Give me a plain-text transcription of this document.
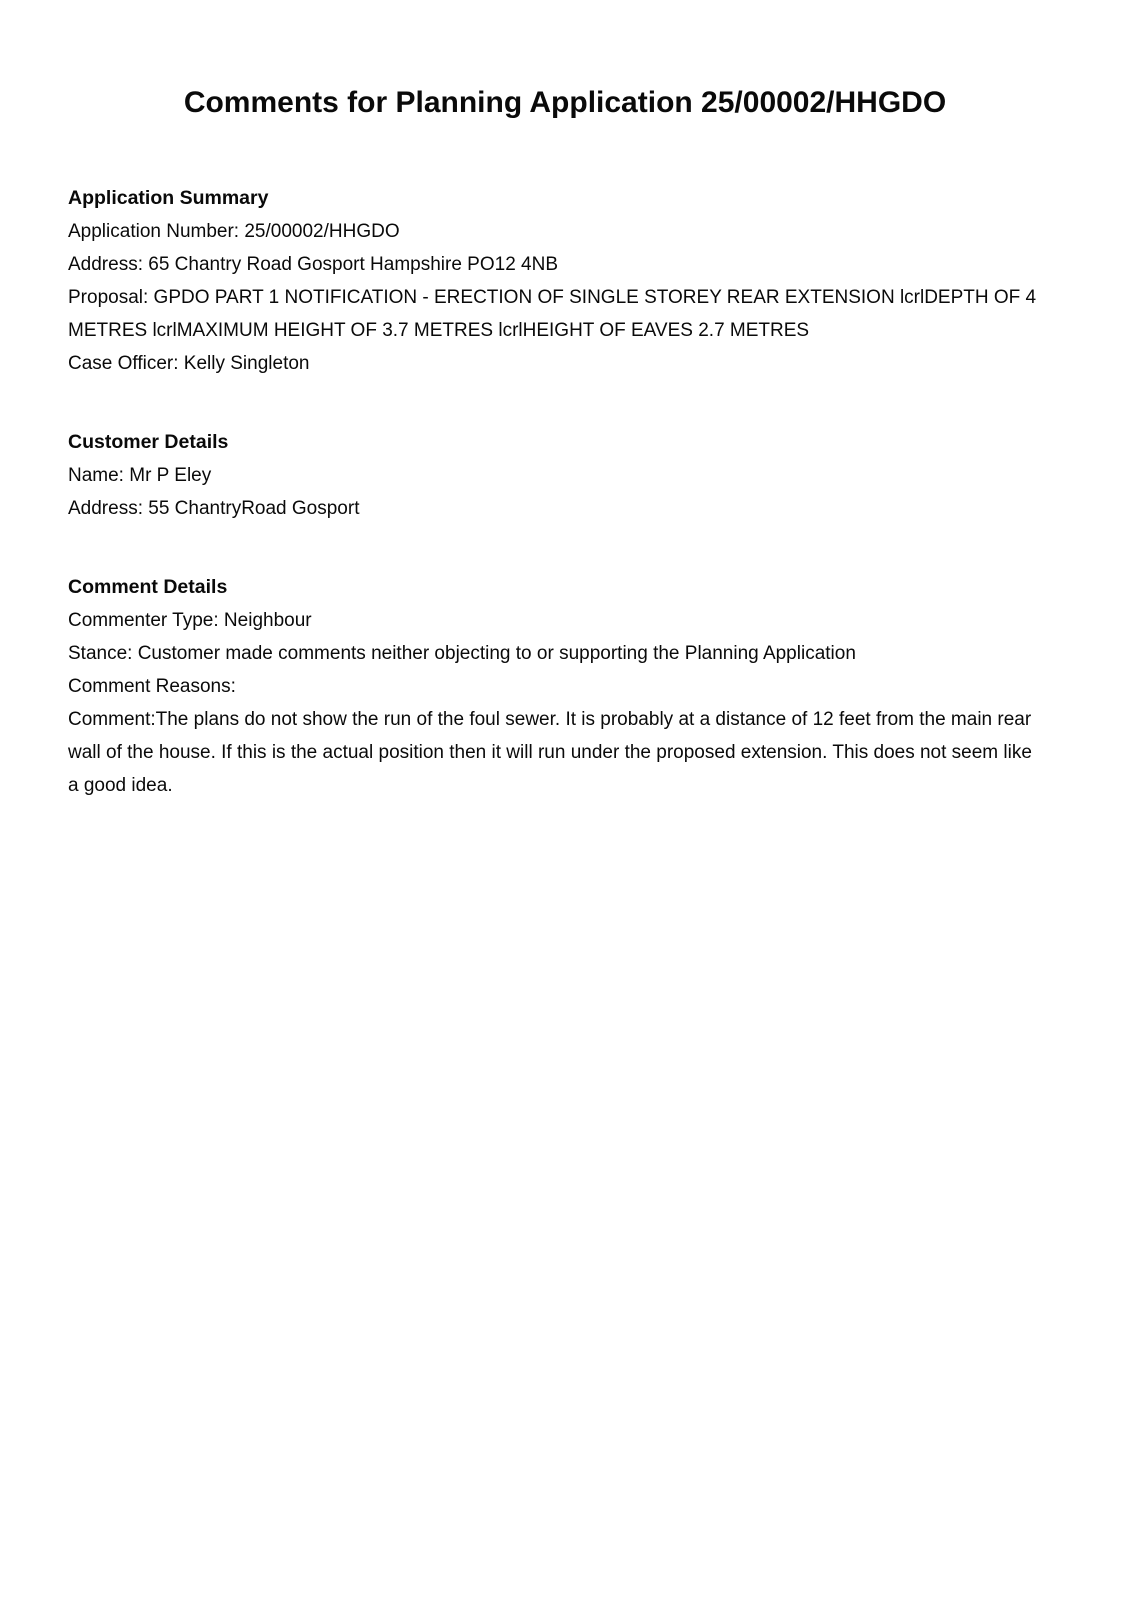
Comments for Planning Application 25/00002/HHGDO
Application Summary

Application Number: 25/00002/HHGDO

Address: 65 Chantry Road Gosport Hampshire PO12 4NB

Proposal: GPDO PART 1 NOTIFICATION - ERECTION OF SINGLE STOREY REAR EXTENSION lcrlDEPTH OF 4 METRES lcrlMAXIMUM HEIGHT OF 3.7 METRES lcrlHEIGHT OF EAVES 2.7 METRES

Case Officer: Kelly Singleton

Customer Details

Name: Mr P Eley

Address: 55 ChantryRoad Gosport

Comment Details

Commenter Type: Neighbour

Stance: Customer made comments neither objecting to or supporting the Planning Application

Comment Reasons:

Comment:The plans do not show the run of the foul sewer. It is probably at a distance of 12 feet from the main rear wall of the house. If this is the actual position then it will run under the proposed extension. This does not seem like a good idea.
